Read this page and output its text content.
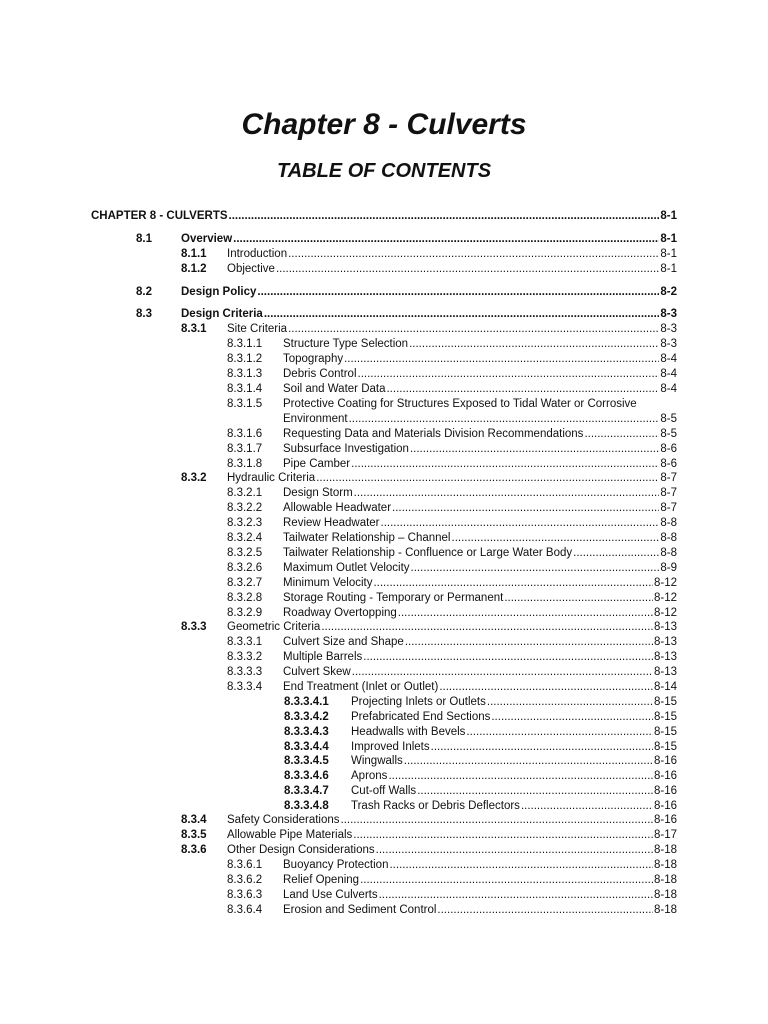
Chapter 8 - Culverts
TABLE OF CONTENTS
CHAPTER 8 - CULVERTS .....	8-1
8.1	Overview .....	8-1
8.1.1 Introduction .....	8-1
8.1.2 Objective .....	8-1
8.2	Design Policy .....	8-2
8.3	Design Criteria .....	8-3
8.3.1 Site Criteria .....	8-3
8.3.1.1 Structure Type Selection .....	8-3
8.3.1.2 Topography .....	8-4
8.3.1.3 Debris Control .....	8-4
8.3.1.4 Soil and Water Data .....	8-4
8.3.1.5 Protective Coating for Structures Exposed to Tidal Water or Corrosive
Environment .....	8-5
8.3.1.6 Requesting Data and Materials Division Recommendations .....	8-5
8.3.1.7 Subsurface Investigation .....	8-6
8.3.1.8 Pipe Camber .....	8-6
8.3.2 Hydraulic Criteria .....	8-7
8.3.2.1 Design Storm .....	8-7
8.3.2.2 Allowable Headwater .....	8-7
8.3.2.3 Review Headwater .....	8-8
8.3.2.4 Tailwater Relationship – Channel .....	8-8
8.3.2.5 Tailwater Relationship - Confluence or Large Water Body .....	8-8
8.3.2.6 Maximum Outlet Velocity .....	8-9
8.3.2.7 Minimum Velocity .....	8-12
8.3.2.8 Storage Routing - Temporary or Permanent .....	8-12
8.3.2.9 Roadway Overtopping .....	8-12
8.3.3 Geometric Criteria .....	8-13
8.3.3.1 Culvert Size and Shape .....	8-13
8.3.3.2 Multiple Barrels .....	8-13
8.3.3.3 Culvert Skew .....	8-13
8.3.3.4 End Treatment (Inlet or Outlet) .....	8-14
8.3.3.4.1 Projecting Inlets or Outlets .....	8-15
8.3.3.4.2 Prefabricated End Sections .....	8-15
8.3.3.4.3 Headwalls with Bevels .....	8-15
8.3.3.4.4 Improved Inlets .....	8-15
8.3.3.4.5 Wingwalls .....	8-16
8.3.3.4.6 Aprons .....	8-16
8.3.3.4.7 Cut-off Walls .....	8-16
8.3.3.4.8 Trash Racks or Debris Deflectors .....	8-16
8.3.4 Safety Considerations .....	8-16
8.3.5 Allowable Pipe Materials .....	8-17
8.3.6 Other Design Considerations .....	8-18
8.3.6.1 Buoyancy Protection .....	8-18
8.3.6.2 Relief Opening .....	8-18
8.3.6.3 Land Use Culverts .....	8-18
8.3.6.4 Erosion and Sediment Control .....	8-18
